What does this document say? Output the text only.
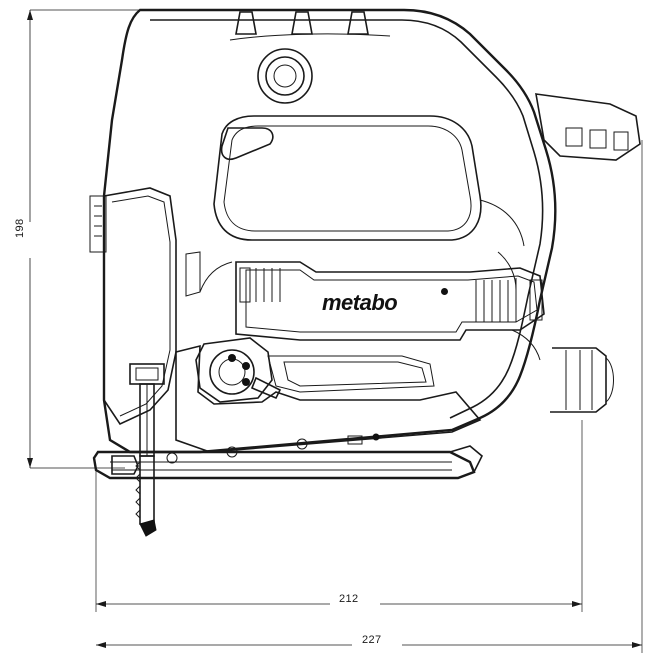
metabo
198
212
227
